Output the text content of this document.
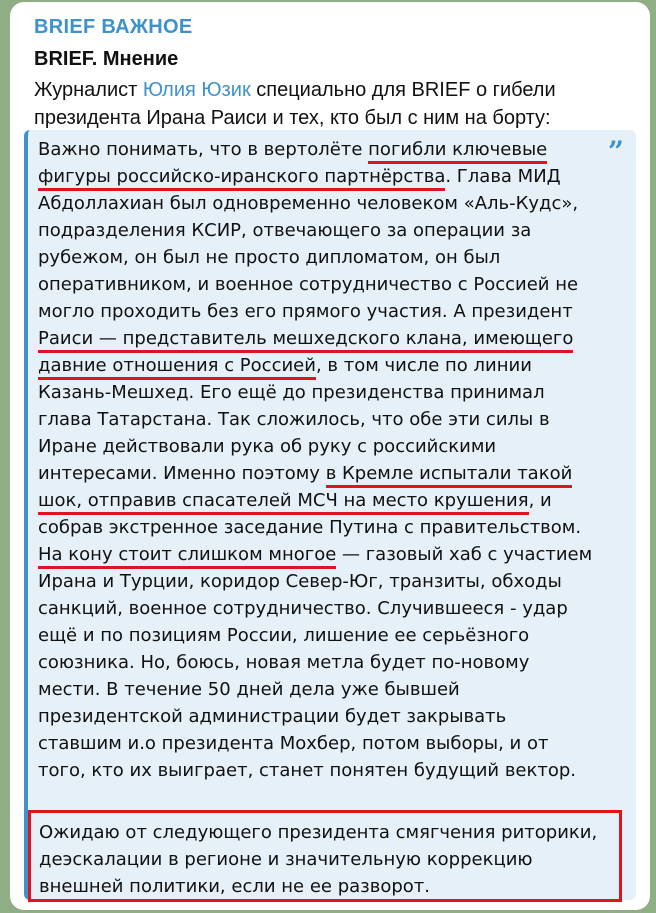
BRIEF ВАЖНОЕ
BRIEF. Мнение
Журналист Юлия Юзик специально для BRIEF о гибели
президента Ирана Раиси и тех, кто был с ним на борту:
”
Важно понимать, что в вертолёте погибли ключевые
фигуры российско-иранского партнёрства. Глава МИД
Абдоллахиан был одновременно человеком «Аль-Кудс»,
подразделения КСИР, отвечающего за операции за
рубежом, он был не просто дипломатом, он был
оперативником, и военное сотрудничество с Россией не
могло проходить без его прямого участия. А президент
Раиси — представитель мешхедского клана, имеющего
давние отношения с Россией, в том числе по линии
Казань-Мешхед. Его ещё до президенства принимал
глава Татарстана. Так сложилось, что обе эти силы в
Иране действовали рука об руку с российскими
интересами. Именно поэтому в Кремле испытали такой
шок, отправив спасателей МСЧ на место крушения, и
собрав экстренное заседание Путина с правительством.
На кону стоит слишком многое — газовый хаб с участием
Ирана и Турции, коридор Север-Юг, транзиты, обходы
санкций, военное сотрудничество. Случившееся - удар
ещё и по позициям России, лишение ее серьёзного
союзника. Но, боюсь, новая метла будет по-новому
мести. В течение 50 дней дела уже бывшей
президентской администрации будет закрывать
ставшим и.о президента Мохбер, потом выборы, и от
того, кто их выиграет, станет понятен будущий вектор.
Ожидаю от следующего президента смягчения риторики,
деэскалации в регионе и значительную коррекцию
внешней политики, если не ее разворот.
